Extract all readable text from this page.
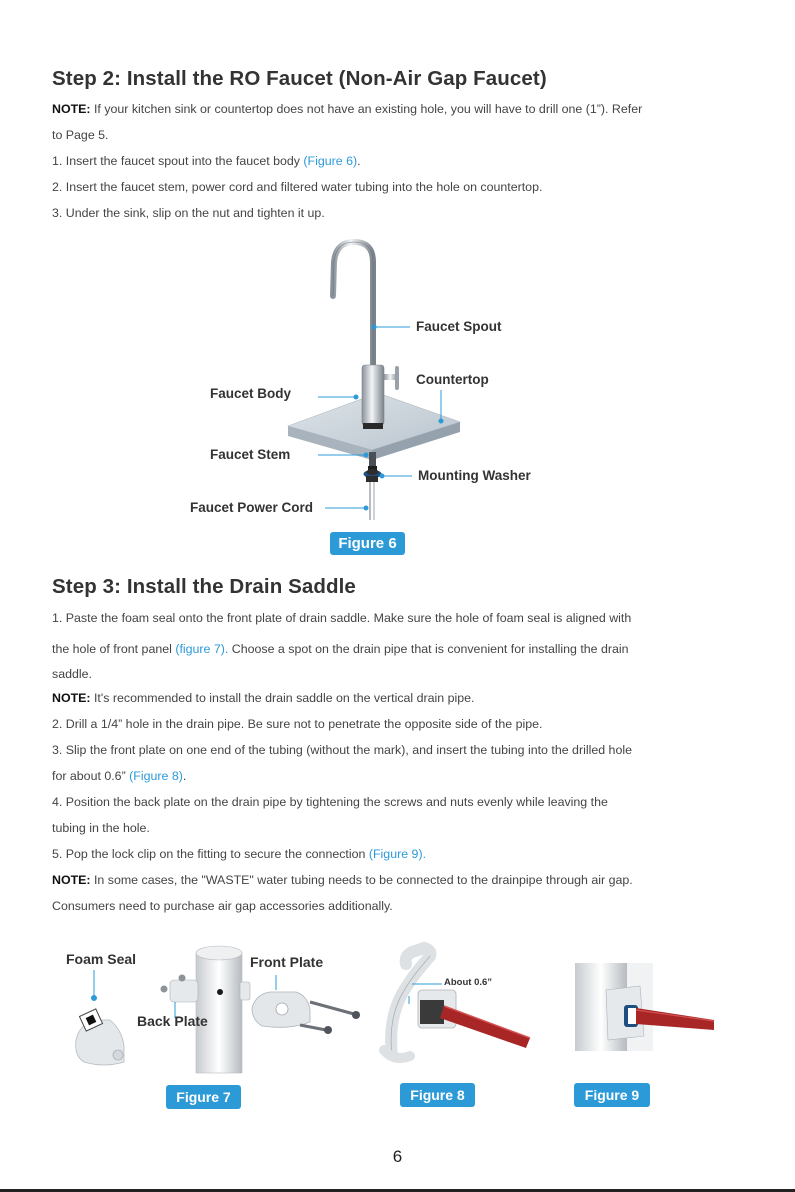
Step 2: Install the RO Faucet (Non-Air Gap Faucet)

NOTE: If your kitchen sink or countertop does not have an existing hole, you will have to drill one (1”). Refer

to Page 5.

1. Insert the faucet spout into the faucet body (Figure 6).

2. Insert the faucet stem, power cord and filtered water tubing into the hole on countertop.

3. Under the sink, slip on the nut and tighten it up.

Faucet Spout
Countertop
Faucet Body
Faucet Stem
Mounting Washer
Faucet Power Cord
Figure 6
Step 3: Install the Drain Saddle

1. Paste the foam seal onto the front plate of drain saddle. Make sure the hole of foam seal is aligned with

the hole of front panel (figure 7). Choose a spot on the drain pipe that is convenient for installing the drain

saddle.

NOTE: It's recommended to install the drain saddle on the vertical drain pipe.

2. Drill a 1/4” hole in the drain pipe. Be sure not to penetrate the opposite side of the pipe.

3. Slip the front plate on one end of the tubing (without the mark), and insert the tubing into the drilled hole

for about 0.6” (Figure 8).

4. Position the back plate on the drain pipe by tightening the screws and nuts evenly while leaving the

tubing in the hole.

5. Pop the lock clip on the fitting to secure the connection (Figure 9).

NOTE: In some cases, the "WASTE" water tubing needs to be connected to the drainpipe through air gap.

Consumers need to purchase air gap accessories additionally.

Foam Seal	Front Plate
Back Plate
About 0.6”
Figure 7	Figure 8	Figure 9
6
